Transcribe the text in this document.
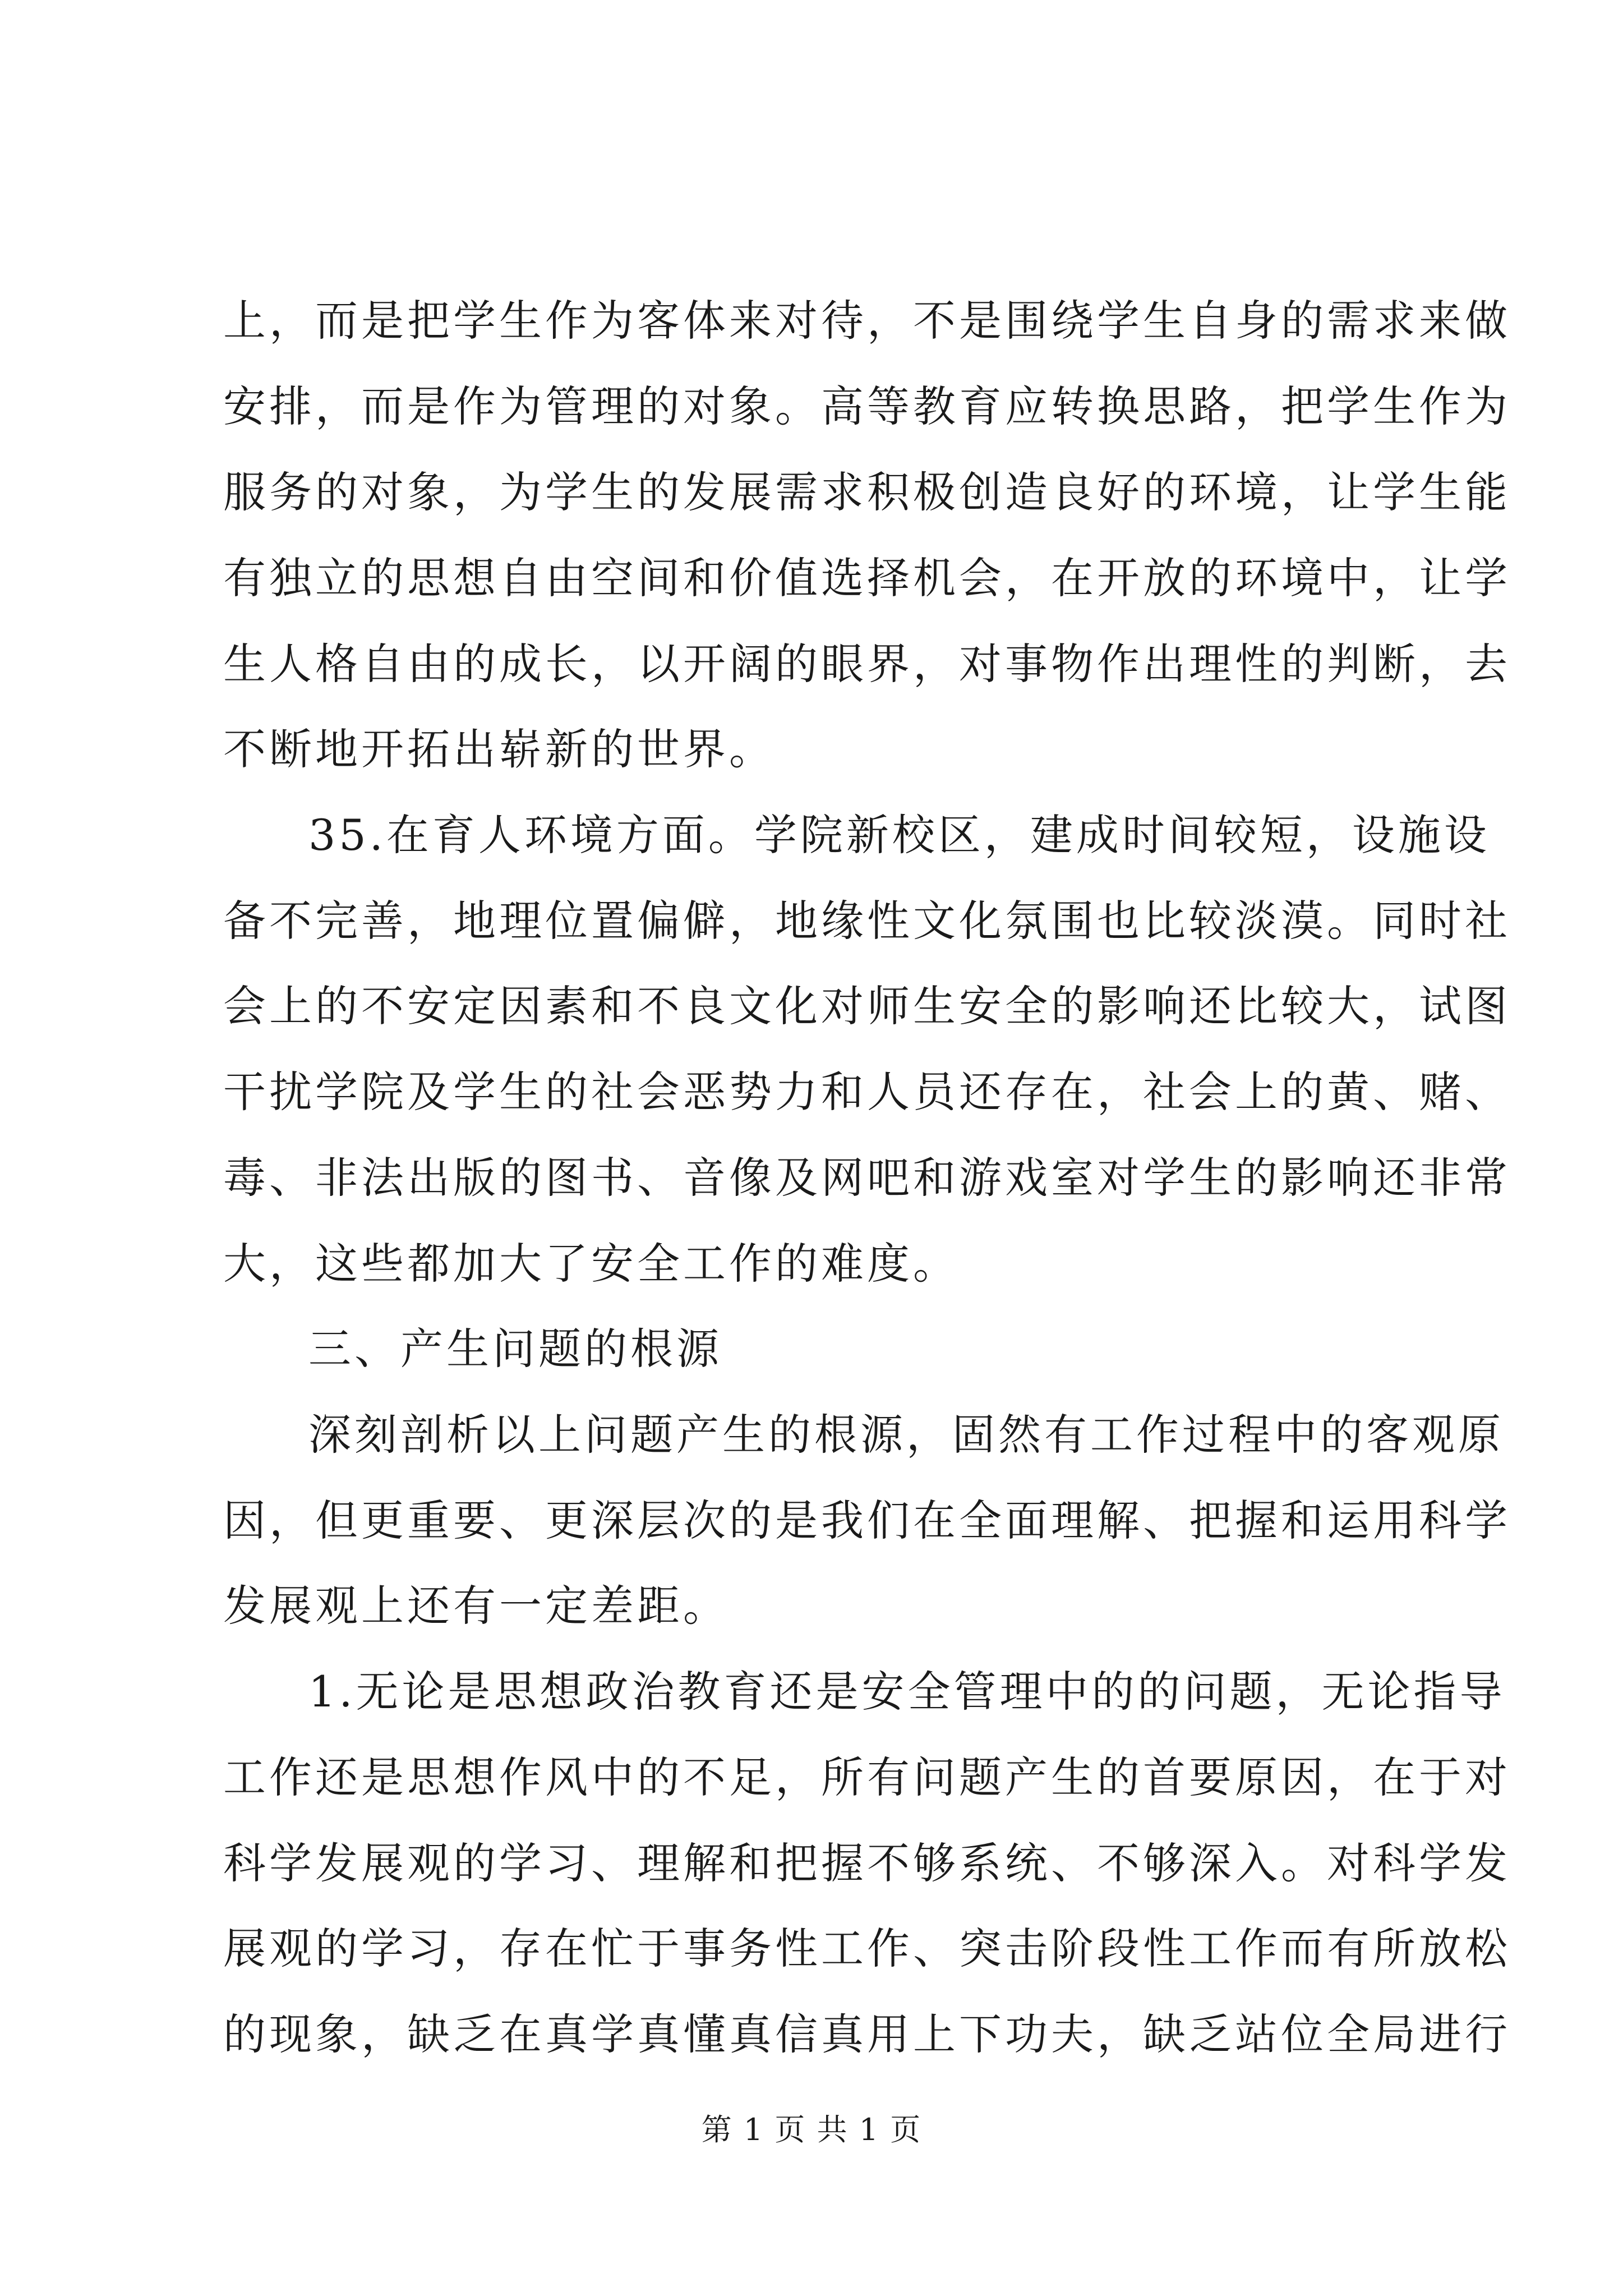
上，而是把学生作为客体来对待，不是围绕学生自身的需求来做
安排，而是作为管理的对象。高等教育应转换思路，把学生作为
服务的对象，为学生的发展需求积极创造良好的环境，让学生能
有独立的思想自由空间和价值选择机会，在开放的环境中，让学
生人格自由的成长，以开阔的眼界，对事物作出理性的判断，去
不断地开拓出崭新的世界。
35.在育人环境方面。学院新校区，建成时间较短，设施设
备不完善，地理位置偏僻，地缘性文化氛围也比较淡漠。同时社
会上的不安定因素和不良文化对师生安全的影响还比较大，试图
干扰学院及学生的社会恶势力和人员还存在，社会上的黄、赌、
毒、非法出版的图书、音像及网吧和游戏室对学生的影响还非常
大，这些都加大了安全工作的难度。
三、产生问题的根源
深刻剖析以上问题产生的根源，固然有工作过程中的客观原
因，但更重要、更深层次的是我们在全面理解、把握和运用科学
发展观上还有一定差距。
1.无论是思想政治教育还是安全管理中的的问题，无论指导
工作还是思想作风中的不足，所有问题产生的首要原因，在于对
科学发展观的学习、理解和把握不够系统、不够深入。对科学发
展观的学习，存在忙于事务性工作、突击阶段性工作而有所放松
的现象，缺乏在真学真懂真信真用上下功夫，缺乏站位全局进行
第 1 页 共 1 页
